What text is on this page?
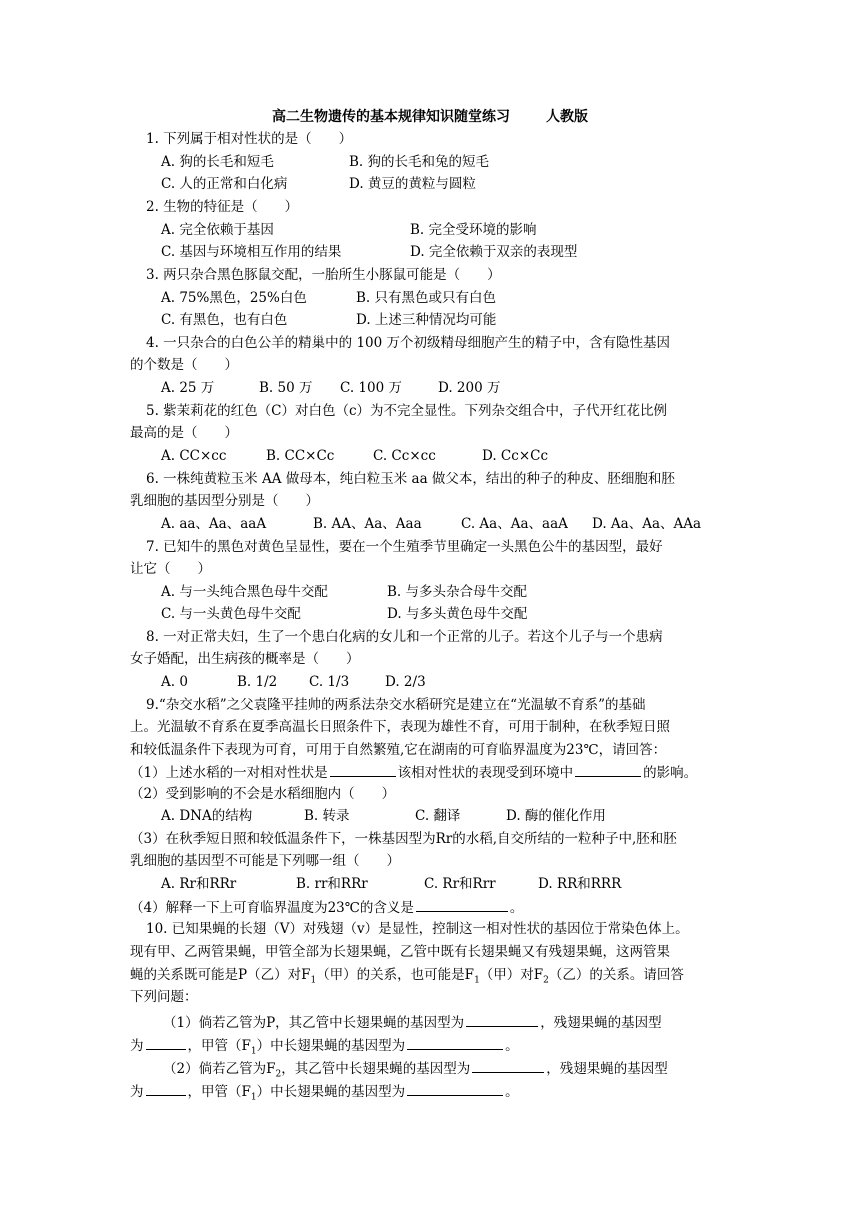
高二生物遗传的基本规律知识随堂练习	人教版
1. 下列属于相对性状的是（　　）
A. 狗的长毛和短毛	B. 狗的长毛和兔的短毛
C. 人的正常和白化病	D. 黄豆的黄粒与圆粒
2. 生物的特征是（　　）
A. 完全依赖于基因	B. 完全受环境的影响
C. 基因与环境相互作用的结果	D. 完全依赖于双亲的表现型
3. 两只杂合黑色豚鼠交配，一胎所生小豚鼠可能是（　　）
A. 75%黑色，25%白色	B. 只有黑色或只有白色
C. 有黑色，也有白色	D. 上述三种情况均可能
4. 一只杂合的白色公羊的精巢中的 100 万个初级精母细胞产生的精子中，含有隐性基因
的个数是（　　）
A. 25 万	B. 50 万 C. 100 万	D. 200 万
5. 紫茉莉花的红色（C）对白色（c）为不完全显性。下列杂交组合中，子代开红花比例
最高的是（　　）
A. CC×cc	B. CC×Cc	C. Cc×cc	D. Cc×Cc
6. 一株纯黄粒玉米 AA 做母本，纯白粒玉米 aa 做父本，结出的种子的种皮、胚细胞和胚
乳细胞的基因型分别是（　　）
A. aa、Aa、aaA	B. AA、Aa、Aaa	C. Aa、Aa、aaA D. Aa、Aa、AAa
7. 已知牛的黑色对黄色呈显性，要在一个生殖季节里确定一头黑色公牛的基因型，最好
让它（　　）
A. 与一头纯合黑色母牛交配	B. 与多头杂合母牛交配
C. 与一头黄色母牛交配	D. 与多头黄色母牛交配
8. 一对正常夫妇，生了一个患白化病的女儿和一个正常的儿子。若这个儿子与一个患病
女子婚配，出生病孩的概率是（　　）
A. 0	B. 1/2 C. 1/3	D. 2/3
9.“杂交水稻”之父袁隆平挂帅的两系法杂交水稻研究是建立在“光温敏不育系”的基础
上。光温敏不育系在夏季高温长日照条件下，表现为雄性不育，可用于制种，在秋季短日照
和较低温条件下表现为可育，可用于自然繁殖,它在湖南的可育临界温度为23℃，请回答：
（1）上述水稻的一对相对性状是	该相对性状的表现受到环境中	的影响。
（2）受到影响的不会是水稻细胞内（　　）
A. DNA的结构	B. 转录	C. 翻译	D. 酶的催化作用
（3）在秋季短日照和较低温条件下，一株基因型为Rr的水稻,自交所结的一粒种子中,胚和胚
乳细胞的基因型不可能是下列哪一组（　　）
A. Rr和RRr	B. rr和RRr	C. Rr和Rrr	D. RR和RRR
（4）解释一下上可育临界温度为23℃的含义是	。
10. 已知果蝇的长翅（V）对残翅（v）是显性，控制这一相对性状的基因位于常染色体上。
现有甲、乙两管果蝇，甲管全部为长翅果蝇，乙管中既有长翅果蝇又有残翅果蝇，这两管果
蝇的关系既可能是P（乙）对$F_1$（甲）的关系，也可能是$F_1$（甲）对$F_2$（乙）的关系。请回答
下列问题：
（1）倘若乙管为P，其乙管中长翅果蝇的基因型为	，残翅果蝇的基因型
为	，甲管$(F_1)$中长翅果蝇的基因型为	。
（2）倘若乙管为$F_2$，其乙管中长翅果蝇的基因型为	，残翅果蝇的基因型
为	，甲管$(F_1)$中长翅果蝇的基因型为	。
